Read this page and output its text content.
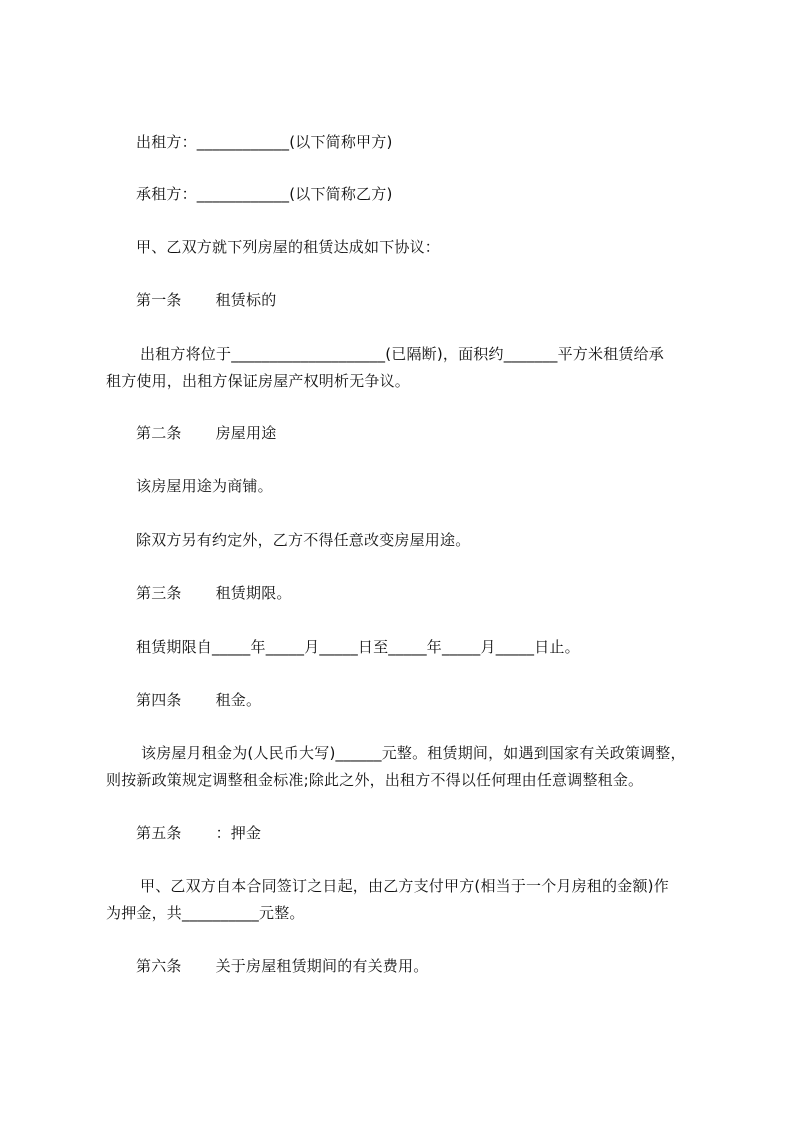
出租方：____________(以下简称甲方)
承租方：____________(以下简称乙方)
甲、乙双方就下列房屋的租赁达成如下协议：
第一条 租赁标的
出租方将位于____________________(已隔断)，面积约_______平方米租赁给承
租方使用，出租方保证房屋产权明析无争议。
第二条 房屋用途
该房屋用途为商铺。
除双方另有约定外，乙方不得任意改变房屋用途。
第三条 租赁期限。
租赁期限自_____年_____月_____日至_____年_____月_____日止。
第四条 租金。
该房屋月租金为(人民币大写)______元整。租赁期间，如遇到国家有关政策调整，
则按新政策规定调整租金标准;除此之外，出租方不得以任何理由任意调整租金。
第五条 ：押金
甲、乙双方自本合同签订之日起，由乙方支付甲方(相当于一个月房租的金额)作
为押金，共__________元整。
第六条 关于房屋租赁期间的有关费用。
